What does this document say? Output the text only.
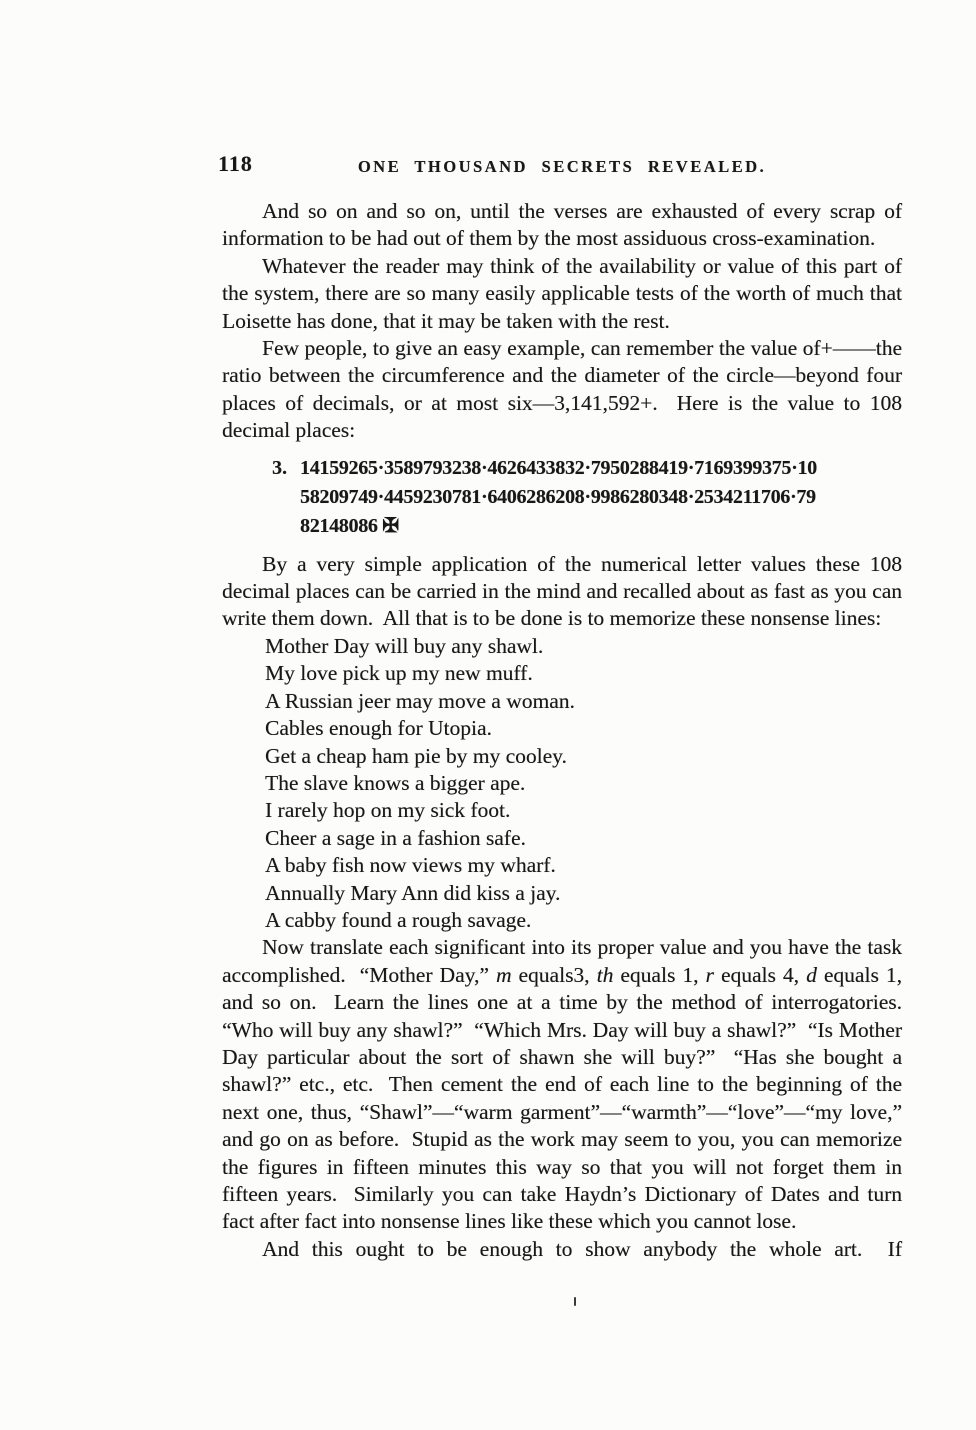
118	ONE THOUSAND SECRETS REVEALED.

And so on and so on, until the verses are exhausted of every scrap of information to be had out of them by the most assiduous cross-examination.

Whatever the reader may think of the availability or value of this part of the system, there are so many easily applicable tests of the worth of much that Loisette has done, that it may be taken with the rest.

Few people, to give an easy example, can remember the value of+——the ratio between the circumference and the diameter of the circle—beyond four places of decimals, or at most six—3,141,592+.  Here is the value to 108 decimal places:

3. 14159265·3589793238·4626433832·7950288419·7169399375·10
58209749·4459230781·6406286208·9986280348·2534211706·79
82148086 ✠

By a very simple application of the numerical letter values these 108 decimal places can be carried in the mind and recalled about as fast as you can write them down.  All that is to be done is to memorize these nonsense lines:

Mother Day will buy any shawl.
My love pick up my new muff.
A Russian jeer may move a woman.
Cables enough for Utopia.
Get a cheap ham pie by my cooley.
The slave knows a bigger ape.
I rarely hop on my sick foot.
Cheer a sage in a fashion safe.
A baby fish now views my wharf.
Annually Mary Ann did kiss a jay.
A cabby found a rough savage.

Now translate each significant into its proper value and you have the task accomplished.  “Mother Day,” m equals3, th equals 1, r equals 4, d equals 1, and so on.  Learn the lines one at a time by the method of interrogatories.  “Who will buy any shawl?”  “Which Mrs. Day will buy a shawl?”  “Is Mother Day particular about the sort of shawn she will buy?”  “Has she bought a shawl?” etc., etc.  Then cement the end of each line to the beginning of the next one, thus, “Shawl”—“warm garment”—“warmth”—“love”—“my love,” and go on as before.  Stupid as the work may seem to you, you can memorize the figures in fifteen minutes this way so that you will not forget them in fifteen years.  Similarly you can take Haydn’s Dictionary of Dates and turn fact after fact into nonsense lines like these which you cannot lose.

And this ought to be enough to show anybody the whole art.  If
